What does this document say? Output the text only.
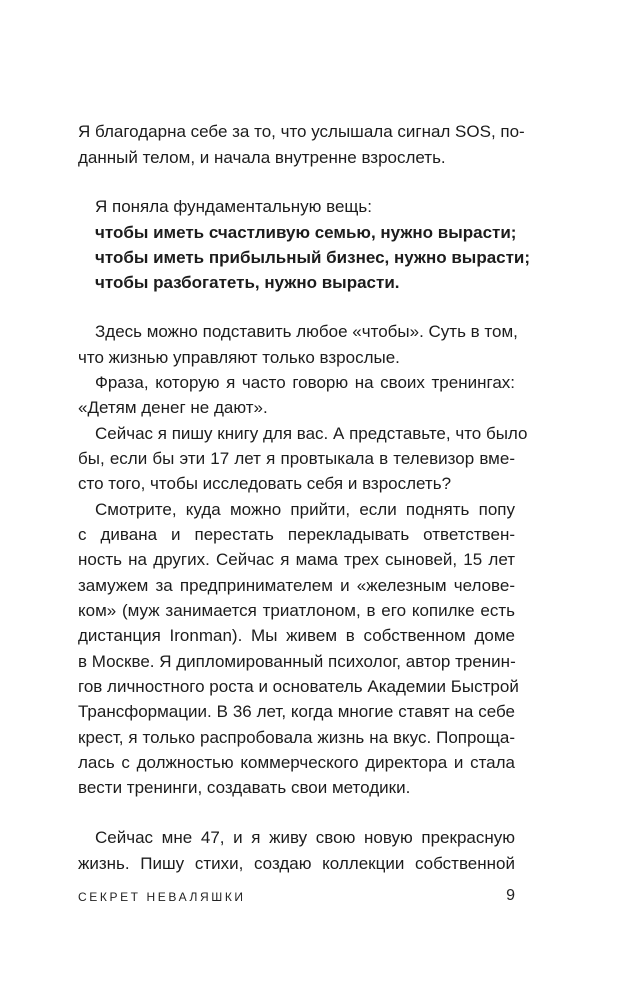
Я благодарна себе за то, что услышала сигнал SOS, по-
данный телом, и начала внутренне взрослеть.
Я поняла фундаментальную вещь:
чтобы иметь счастливую семью, нужно вырасти;
чтобы иметь прибыльный бизнес, нужно вырасти;
чтобы разбогатеть, нужно вырасти.
Здесь можно подставить любое «чтобы». Суть в том,
что жизнью управляют только взрослые.
Фраза, которую я часто говорю на своих тренингах:
«Детям денег не дают».
Сейчас я пишу книгу для вас. А представьте, что было
бы, если бы эти 17 лет я провтыкала в телевизор вме-
сто того, чтобы исследовать себя и взрослеть?
Смотрите, куда можно прийти, если поднять попу
с дивана и перестать перекладывать ответствен-
ность на других. Сейчас я мама трех сыновей, 15 лет
замужем за предпринимателем и «железным челове-
ком» (муж занимается триатлоном, в его копилке есть
дистанция Ironman). Мы живем в собственном доме
в Москве. Я дипломированный психолог, автор тренин-
гов личностного роста и основатель Академии Быстрой
Трансформации. В 36 лет, когда многие ставят на себе
крест, я только распробовала жизнь на вкус. Попроща-
лась с должностью коммерческого директора и стала
вести тренинги, создавать свои методики.
Сейчас мне 47, и я живу свою новую прекрасную
жизнь. Пишу стихи, создаю коллекции собственной
СЕКРЕТ НЕВАЛЯШКИ	9
